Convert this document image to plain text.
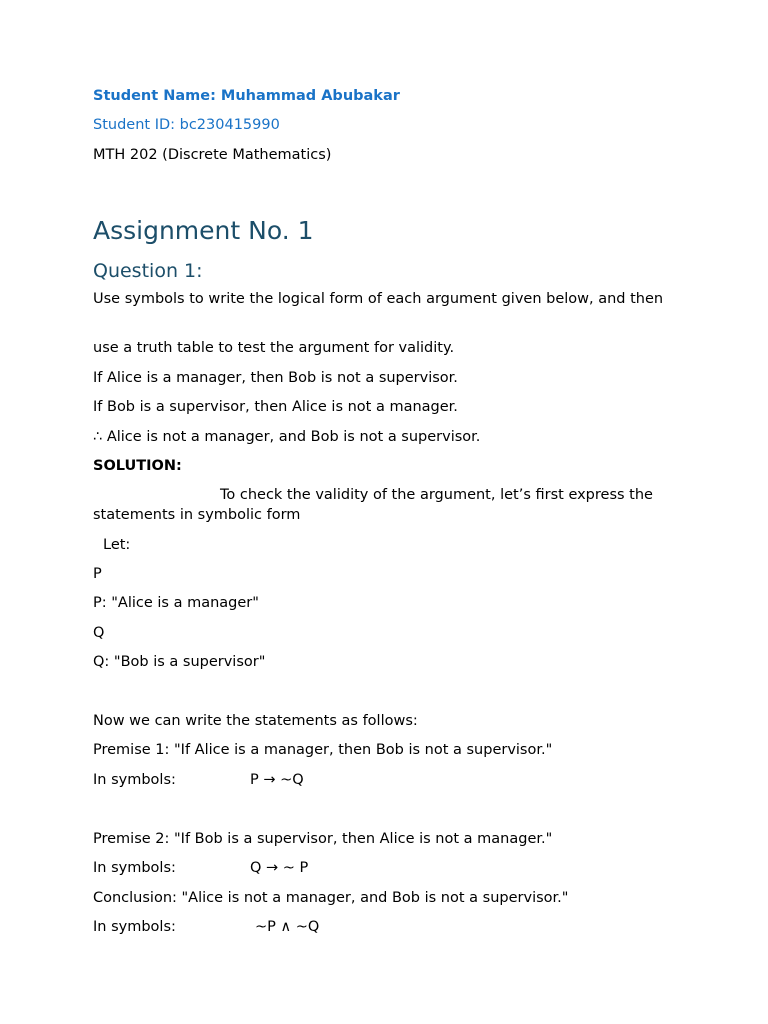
Student Name: Muhammad Abubakar
Student ID: bc230415990
MTH 202 (Discrete Mathematics)
Assignment No. 1
Question 1:
Use symbols to write the logical form of each argument given below, and then
use a truth table to test the argument for validity.
If Alice is a manager, then Bob is not a supervisor.
If Bob is a supervisor, then Alice is not a manager.
∴ Alice is not a manager, and Bob is not a supervisor.
SOLUTION:
To check the validity of the argument, let’s first express the statements in symbolic form
Let:
P
P: "Alice is a manager"
Q
Q: "Bob is a supervisor"
Now we can write the statements as follows:
Premise 1: "If Alice is a manager, then Bob is not a supervisor."
In symbols:	P → ~Q
Premise 2: "If Bob is a supervisor, then Alice is not a manager."
In symbols:	Q → ~ P
Conclusion: "Alice is not a manager, and Bob is not a supervisor."
In symbols:	~P ∧ ~Q
